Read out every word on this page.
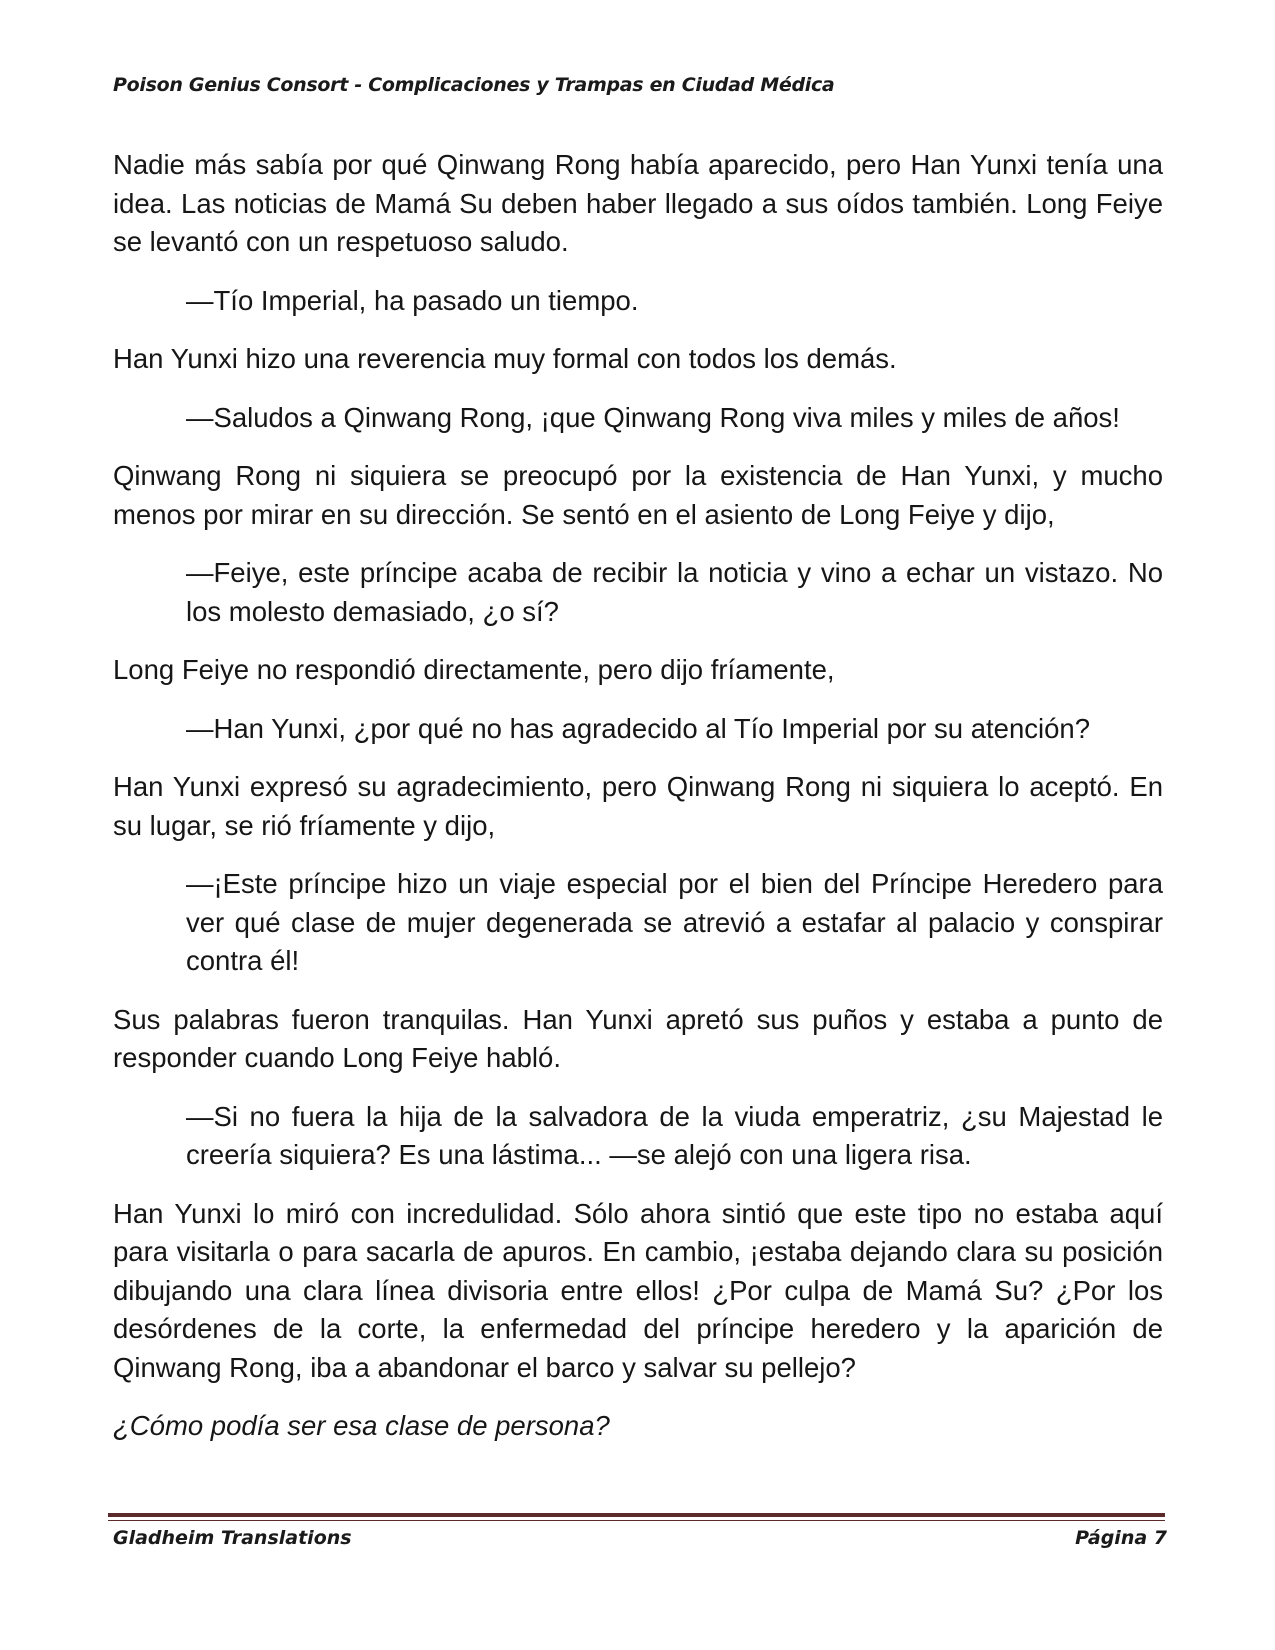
Poison Genius Consort - Complicaciones y Trampas en Ciudad Médica

Nadie más sabía por qué Qinwang Rong había aparecido, pero Han Yunxi tenía una idea. Las noticias de Mamá Su deben haber llegado a sus oídos también. Long Feiye se levantó con un respetuoso saludo.

—Tío Imperial, ha pasado un tiempo.

Han Yunxi hizo una reverencia muy formal con todos los demás.

—Saludos a Qinwang Rong, ¡que Qinwang Rong viva miles y miles de años!

Qinwang Rong ni siquiera se preocupó por la existencia de Han Yunxi, y mucho menos por mirar en su dirección. Se sentó en el asiento de Long Feiye y dijo,

—Feiye, este príncipe acaba de recibir la noticia y vino a echar un vistazo. No los molesto demasiado, ¿o sí?

Long Feiye no respondió directamente, pero dijo fríamente,

—Han Yunxi, ¿por qué no has agradecido al Tío Imperial por su atención?

Han Yunxi expresó su agradecimiento, pero Qinwang Rong ni siquiera lo aceptó. En su lugar, se rió fríamente y dijo,

—¡Este príncipe hizo un viaje especial por el bien del Príncipe Heredero para ver qué clase de mujer degenerada se atrevió a estafar al palacio y conspirar contra él!

Sus palabras fueron tranquilas. Han Yunxi apretó sus puños y estaba a punto de responder cuando Long Feiye habló.

—Si no fuera la hija de la salvadora de la viuda emperatriz, ¿su Majestad le creería siquiera? Es una lástima... —se alejó con una ligera risa.

Han Yunxi lo miró con incredulidad. Sólo ahora sintió que este tipo no estaba aquí para visitarla o para sacarla de apuros. En cambio, ¡estaba dejando clara su posición dibujando una clara línea divisoria entre ellos! ¿Por culpa de Mamá Su? ¿Por los desórdenes de la corte, la enfermedad del príncipe heredero y la aparición de Qinwang Rong, iba a abandonar el barco y salvar su pellejo?

¿Cómo podía ser esa clase de persona?

Gladheim Translations	Página 7
